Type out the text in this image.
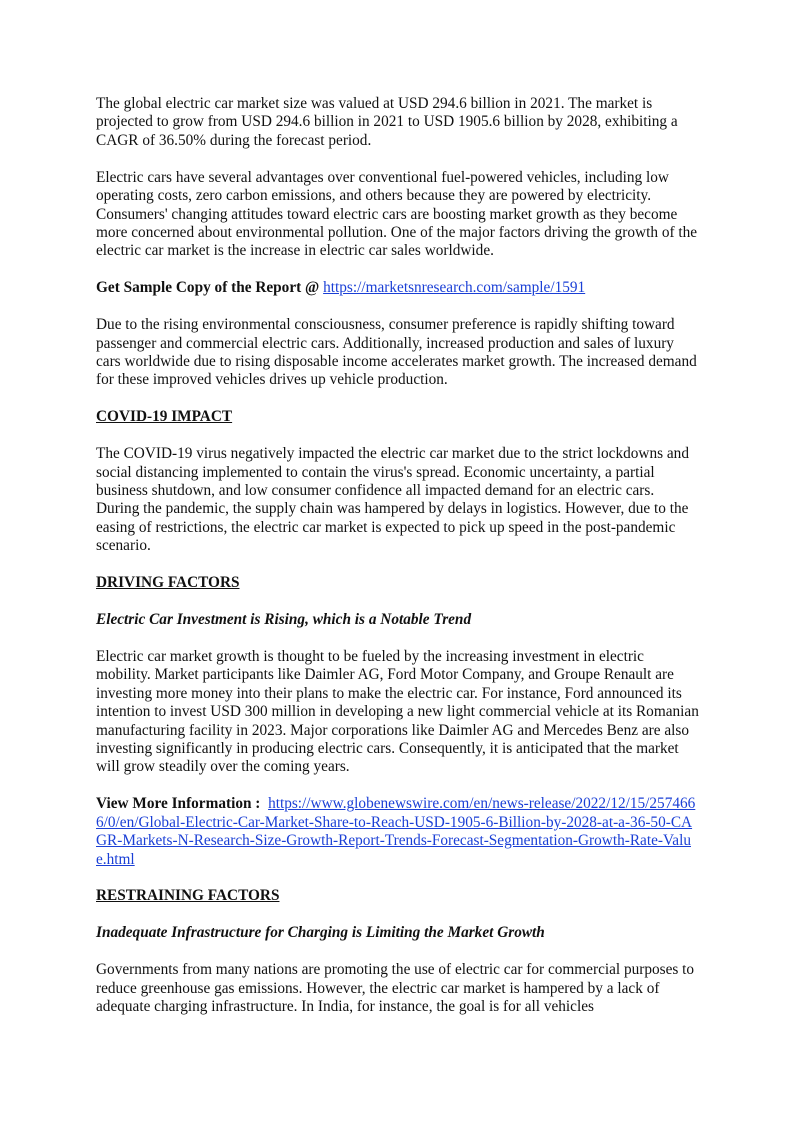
The global electric car market size was valued at USD 294.6 billion in 2021. The market is projected to grow from USD 294.6 billion in 2021 to USD 1905.6 billion by 2028, exhibiting a CAGR of 36.50% during the forecast period.

Electric cars have several advantages over conventional fuel-powered vehicles, including low operating costs, zero carbon emissions, and others because they are powered by electricity. Consumers' changing attitudes toward electric cars are boosting market growth as they become more concerned about environmental pollution. One of the major factors driving the growth of the electric car market is the increase in electric car sales worldwide.

Get Sample Copy of the Report @ https://marketsnresearch.com/sample/1591

Due to the rising environmental consciousness, consumer preference is rapidly shifting toward passenger and commercial electric cars. Additionally, increased production and sales of luxury cars worldwide due to rising disposable income accelerates market growth. The increased demand for these improved vehicles drives up vehicle production.

COVID-19 IMPACT

The COVID-19 virus negatively impacted the electric car market due to the strict lockdowns and social distancing implemented to contain the virus's spread. Economic uncertainty, a partial business shutdown, and low consumer confidence all impacted demand for an electric cars. During the pandemic, the supply chain was hampered by delays in logistics. However, due to the easing of restrictions, the electric car market is expected to pick up speed in the post-pandemic scenario.

DRIVING FACTORS

Electric Car Investment is Rising, which is a Notable Trend

Electric car market growth is thought to be fueled by the increasing investment in electric mobility. Market participants like Daimler AG, Ford Motor Company, and Groupe Renault are investing more money into their plans to make the electric car. For instance, Ford announced its intention to invest USD 300 million in developing a new light commercial vehicle at its Romanian manufacturing facility in 2023. Major corporations like Daimler AG and Mercedes Benz are also investing significantly in producing electric cars. Consequently, it is anticipated that the market will grow steadily over the coming years.

View More Information : https://www.globenewswire.com/en/news-release/2022/12/15/2574666/0/en/Global-Electric-Car-Market-Share-to-Reach-USD-1905-6-Billion-by-2028-at-a-36-50-CAGR-Markets-N-Research-Size-Growth-Report-Trends-Forecast-Segmentation-Growth-Rate-Value.html

RESTRAINING FACTORS

Inadequate Infrastructure for Charging is Limiting the Market Growth

Governments from many nations are promoting the use of electric car for commercial purposes to reduce greenhouse gas emissions. However, the electric car market is hampered by a lack of adequate charging infrastructure. In India, for instance, the goal is for all vehicles
